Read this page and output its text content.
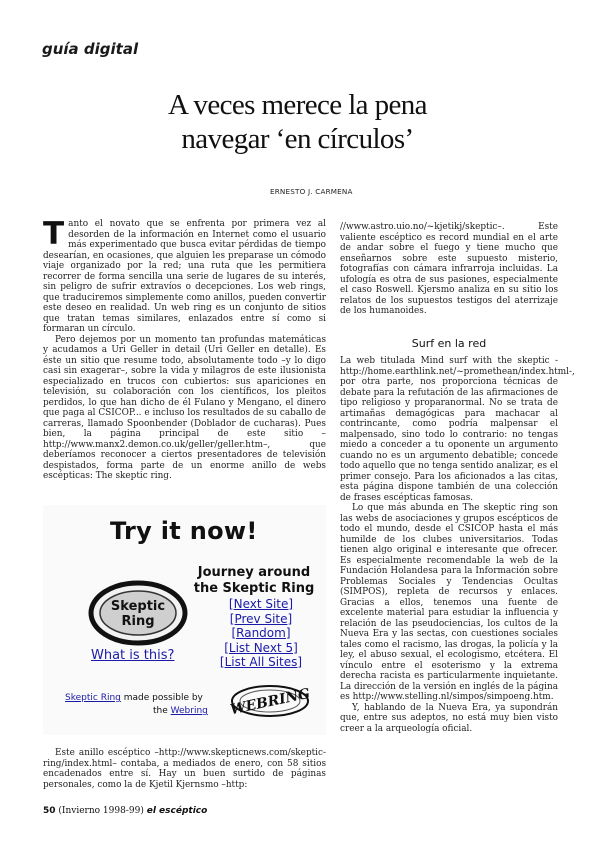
guía digital
A veces merece la pena
navegar ‘en círculos’
ERNESTO J. CARMENA

Tanto el novato que se enfrenta por primera vez al desorden de la información en Internet como el usuario más experimentado que busca evitar pérdidas de tiempo desearían, en ocasiones, que alguien les preparase un cómodo viaje organizado por la red; una ruta que les permitiera recorrer de forma sencilla una serie de lugares de su interés, sin peligro de sufrir extravíos o decepciones. Los web rings, que traduciremos simplemente como anillos, pueden convertir este deseo en realidad. Un web ring es un conjunto de sitios que tratan temas similares, enlazados entre sí como si formaran un círculo.

Pero dejemos por un momento tan profundas matemáticas y acudamos a Uri Geller in detail (Uri Geller en detalle). Es éste un sitio que resume todo, absolutamente todo –y lo digo casi sin exagerar–, sobre la vida y milagros de este ilusionista especializado en trucos con cubiertos: sus apariciones en televisión, su colaboración con los científicos, los pleitos perdidos, lo que han dicho de él Fulano y Mengano, el dinero que paga al CSICOP... e incluso los resultados de su caballo de carreras, llamado Spoonbender (Doblador de cucharas). Pues bien, la página principal de este sitio –http://www.manx2.demon.co.uk/geller/geller.htm–, que deberíamos reconocer a ciertos presentadores de televisión despistados, forma parte de un enorme anillo de webs escépticas: The skeptic ring.

Try it now!
Skeptic
Ring
Journey around
the Skeptic Ring
[Next Site]
[Prev Site]
[Random]
[List Next 5]
[List All Sites]
What is this?
WEBRING
Skeptic Ring made possible by
the Webring

Este anillo escéptico –http://www.skepticnews.com/skeptic-ring/index.html– contaba, a mediados de enero, con 58 sitios encadenados entre sí. Hay un buen surtido de páginas personales, como la de Kjetil Kjernsmo –http:

//www.astro.uio.no/~kjetikj/skeptic–. Este valiente escéptico es record mundial en el arte de andar sobre el fuego y tiene mucho que enseñarnos sobre este supuesto misterio, fotografías con cámara infrarroja incluidas. La ufología es otra de sus pasiones, especialmente el caso Roswell. Kjersmo analiza en su sitio los relatos de los supuestos testigos del aterrizaje de los humanoides.

Surf en la red

La web titulada Mind surf with the skeptic -http://home.earthlink.net/~promethean/index.html-, por otra parte, nos proporciona técnicas de debate para la refutación de las afirmaciones de tipo religioso y proparanormal. No se trata de artimañas demagógicas para machacar al contrincante, como podría malpensar el malpensado, sino todo lo contrario: no tengas miedo a conceder a tu oponente un argumento cuando no es un argumento debatible; concede todo aquello que no tenga sentido analizar, es el primer consejo. Para los aficionados a las citas, esta página dispone también de una colección de frases escépticas famosas.

Lo que más abunda en The skeptic ring son las webs de asociaciones y grupos escépticos de todo el mundo, desde el CSICOP hasta el más humilde de los clubes universitarios. Todas tienen algo original e interesante que ofrecer. Es especialmente recomendable la web de la Fundación Holandesa para la Información sobre Problemas Sociales y Tendencias Ocultas (SIMPOS), repleta de recursos y enlaces. Gracias a ellos, tenemos una fuente de excelente material para estudiar la influencia y relación de las pseudociencias, los cultos de la Nueva Era y las sectas, con cuestiones sociales tales como el racismo, las drogas, la policía y la ley, el abuso sexual, el ecologismo, etcétera. El vínculo entre el esoterismo y la extrema derecha racista es particularmente inquietante. La dirección de la versión en inglés de la página es http://www.stelling.nl/simpos/simpoeng.htm.

Y, hablando de la Nueva Era, ya supondrán que, entre sus adeptos, no está muy bien visto creer a la arqueología oficial.

50 (Invierno 1998-99) el escéptico
